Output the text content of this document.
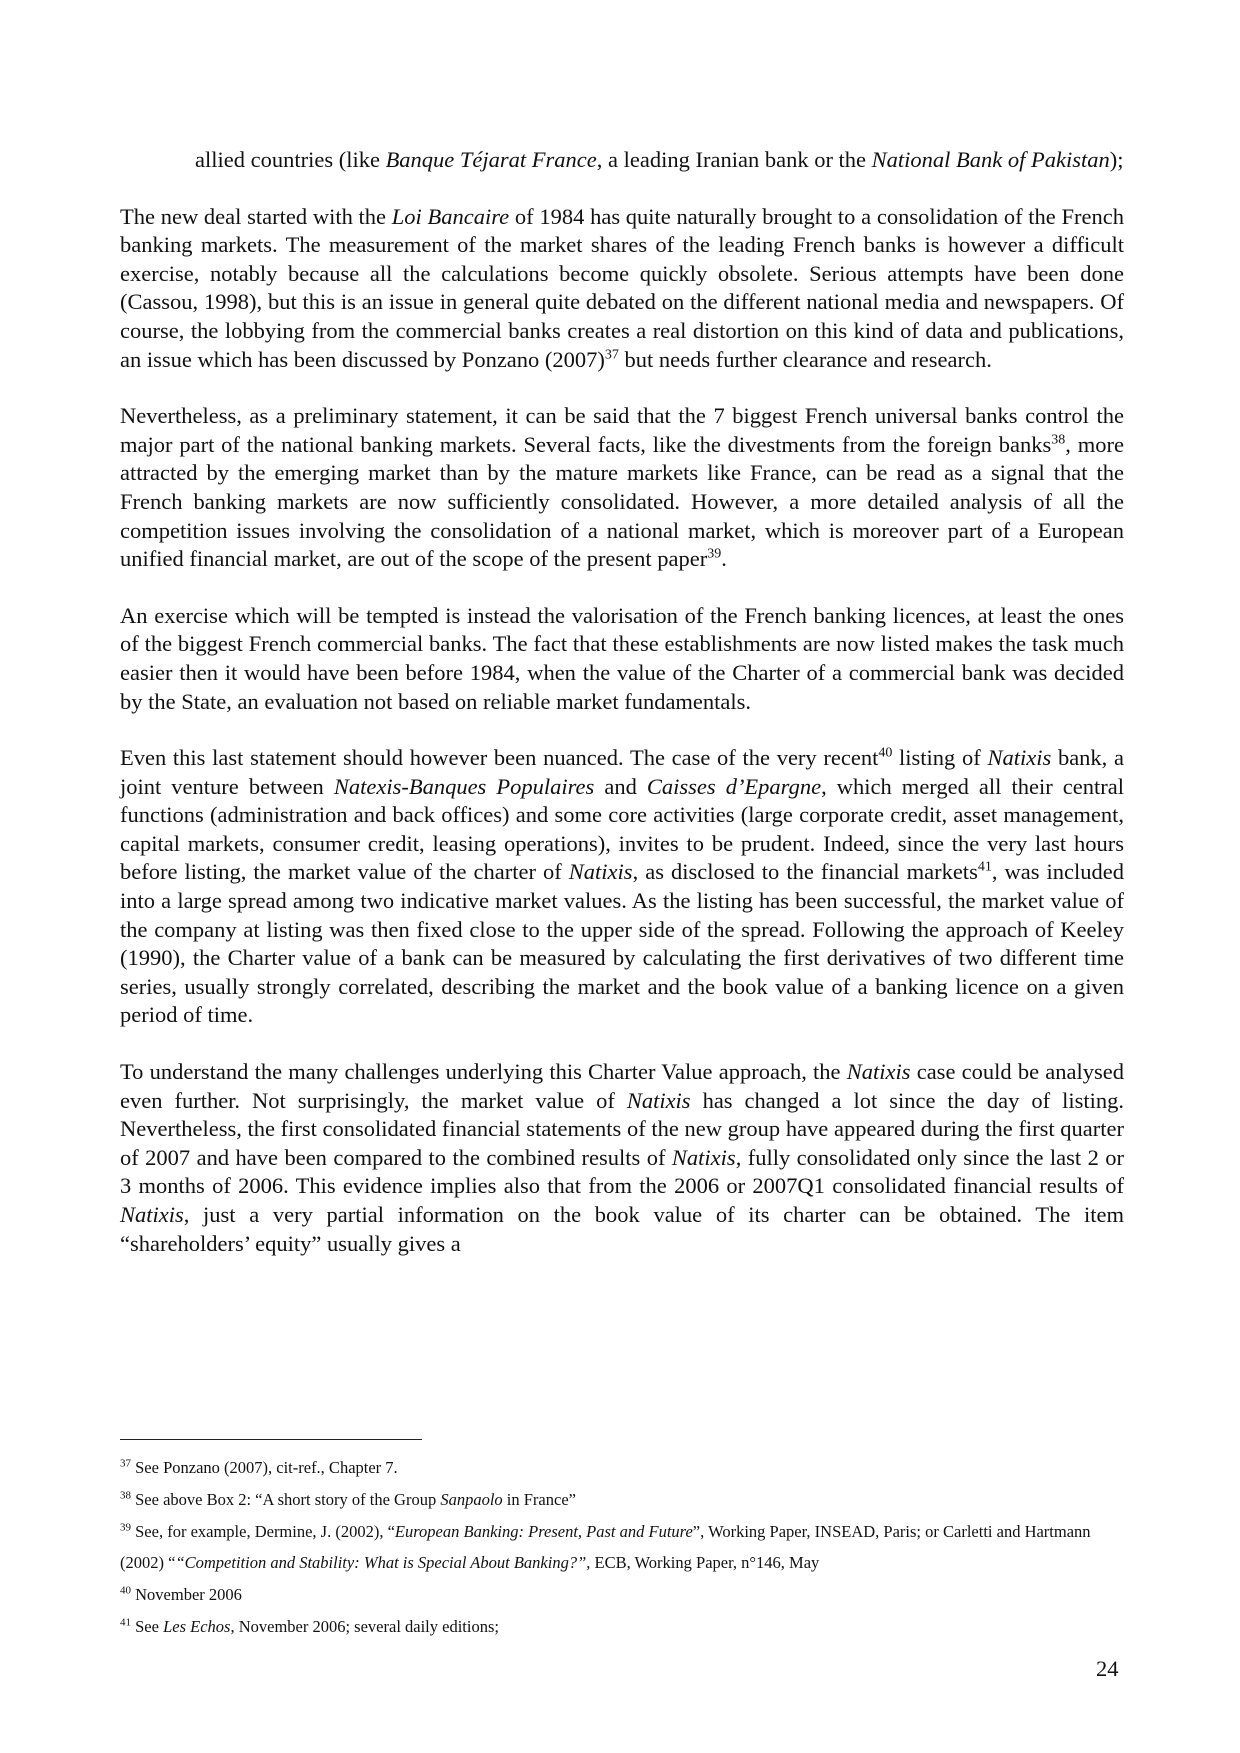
allied countries (like Banque Téjarat France, a leading Iranian bank or the National Bank of Pakistan);

The new deal started with the Loi Bancaire of 1984 has quite naturally brought to a consolidation of the French banking markets. The measurement of the market shares of the leading French banks is however a difficult exercise, notably because all the calculations become quickly obsolete. Serious attempts have been done (Cassou, 1998), but this is an issue in general quite debated on the different national media and newspapers. Of course, the lobbying from the commercial banks creates a real distortion on this kind of data and publications, an issue which has been discussed by Ponzano $(2007)^{37}$ but needs further clearance and research.

Nevertheless, as a preliminary statement, it can be said that the 7 biggest French universal banks control the major part of the national banking markets. Several facts, like the divestments from the foreign banks$^{38}$, more attracted by the emerging market than by the mature markets like France, can be read as a signal that the French banking markets are now sufficiently consolidated. However, a more detailed analysis of all the competition issues involving the consolidation of a national market, which is moreover part of a European unified financial market, are out of the scope of the present paper$^{39}$.

An exercise which will be tempted is instead the valorisation of the French banking licences, at least the ones of the biggest French commercial banks. The fact that these establishments are now listed makes the task much easier then it would have been before 1984, when the value of the Charter of a commercial bank was decided by the State, an evaluation not based on reliable market fundamentals.

Even this last statement should however been nuanced. The case of the very recent$^{40}$ listing of Natixis bank, a joint venture between Natexis-Banques Populaires and Caisses d’Epargne, which merged all their central functions (administration and back offices) and some core activities (large corporate credit, asset management, capital markets, consumer credit, leasing operations), invites to be prudent. Indeed, since the very last hours before listing, the market value of the charter of Natixis, as disclosed to the financial markets$^{41}$, was included into a large spread among two indicative market values. As the listing has been successful, the market value of the company at listing was then fixed close to the upper side of the spread. Following the approach of Keeley (1990), the Charter value of a bank can be measured by calculating the first derivatives of two different time series, usually strongly correlated, describing the market and the book value of a banking licence on a given period of time.

To understand the many challenges underlying this Charter Value approach, the Natixis case could be analysed even further. Not surprisingly, the market value of Natixis has changed a lot since the day of listing. Nevertheless, the first consolidated financial statements of the new group have appeared during the first quarter of 2007 and have been compared to the combined results of Natixis, fully consolidated only since the last 2 or 3 months of 2006. This evidence implies also that from the 2006 or 2007Q1 consolidated financial results of Natixis, just a very partial information on the book value of its charter can be obtained. The item “shareholders’ equity” usually gives a

$^{37}$ See Ponzano (2007), cit-ref., Chapter 7.

$^{38}$ See above Box 2: “A short story of the Group Sanpaolo in France”

$^{39}$ See, for example, Dermine, J. (2002), “European Banking: Present, Past and Future”, Working Paper, INSEAD, Paris; or Carletti and Hartmann (2002) ““Competition and Stability: What is Special About Banking?”, ECB, Working Paper, n°146, May

$^{40}$ November 2006

$^{41}$ See Les Echos, November 2006; several daily editions;

24
